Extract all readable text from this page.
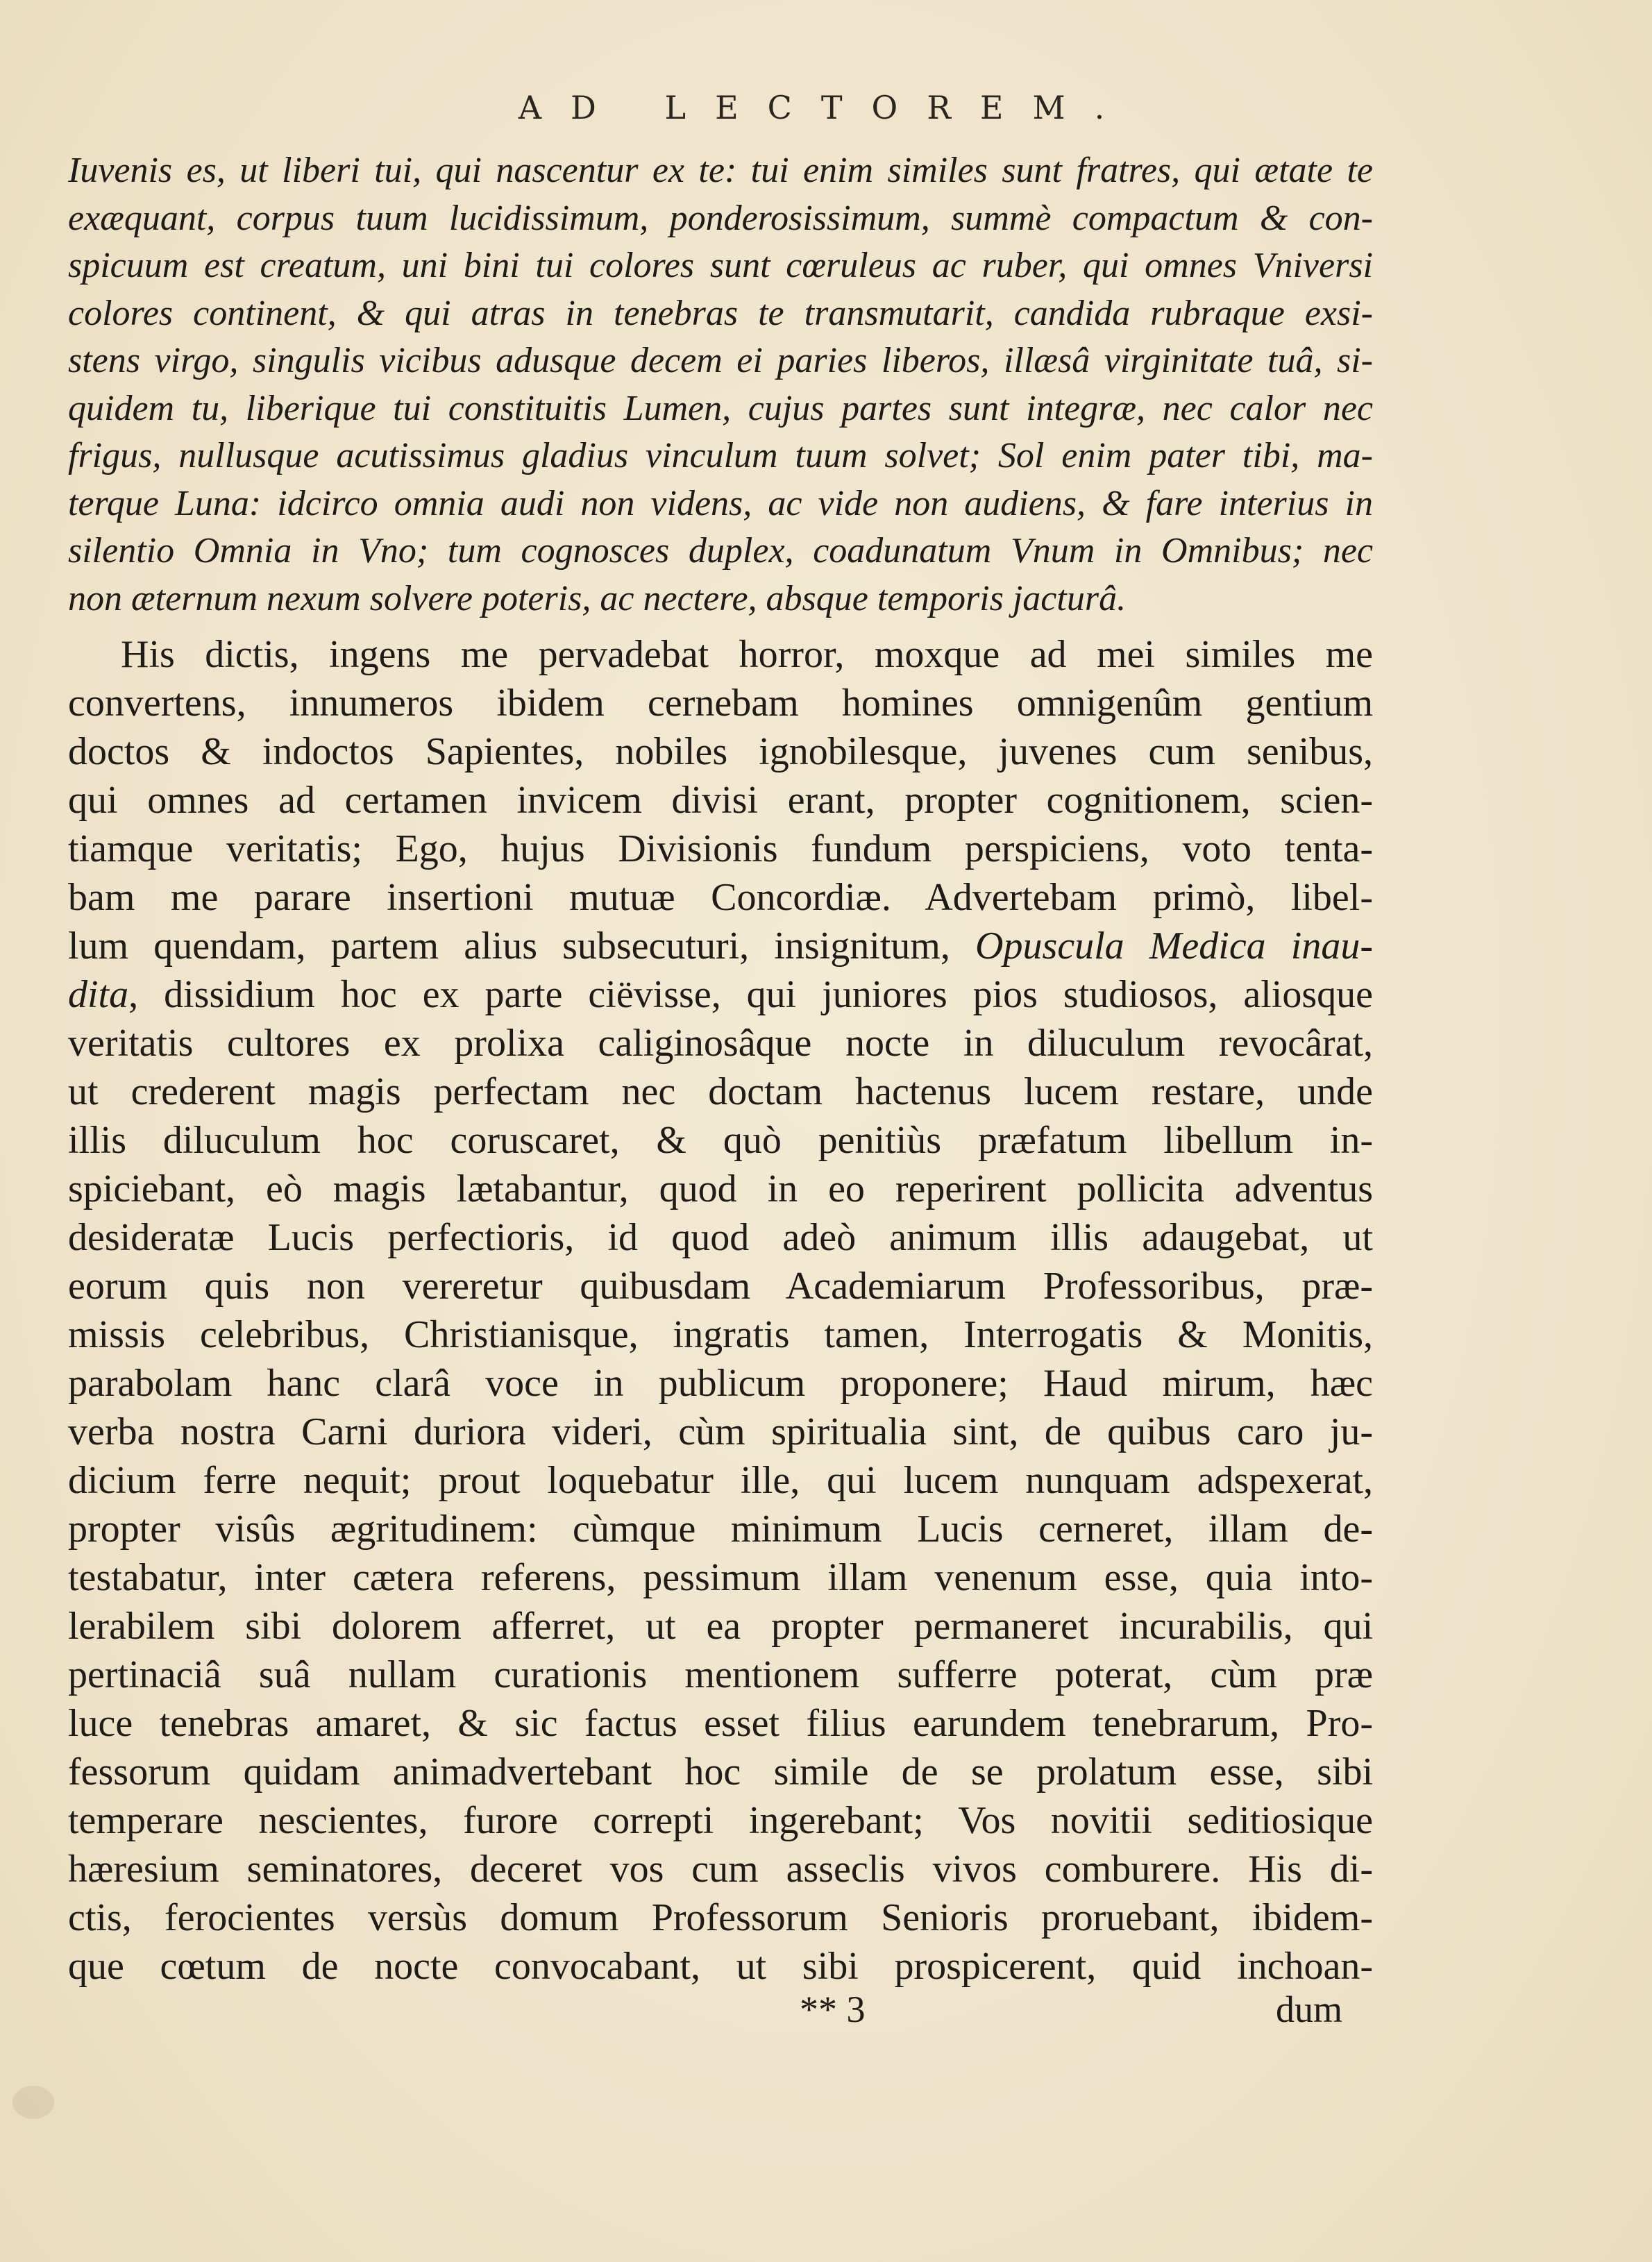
AD LECTOREM.
Iuvenis es, ut liberi tui, qui nascentur ex te: tui enim similes sunt fratres, qui ætate te
exæquant, corpus tuum lucidissimum, ponderosissimum, summè compactum & con-
spicuum est creatum, uni bini tui colores sunt cœruleus ac ruber, qui omnes Vniversi
colores continent, & qui atras in tenebras te transmutarit, candida rubraque exsi-
stens virgo, singulis vicibus adusque decem ei paries liberos, illæsâ virginitate tuâ, si-
quidem tu, liberique tui constituitis Lumen, cujus partes sunt integræ, nec calor nec
frigus, nullusque acutissimus gladius vinculum tuum solvet; Sol enim pater tibi, ma-
terque Luna: idcirco omnia audi non videns, ac vide non audiens, & fare interius in
silentio Omnia in Vno; tum cognosces duplex, coadunatum Vnum in Omnibus; nec
non æternum nexum solvere poteris, ac nectere, absque temporis jacturâ.
His dictis, ingens me pervadebat horror, moxque ad mei similes me
convertens, innumeros ibidem cernebam homines omnigenûm gentium
doctos & indoctos Sapientes, nobiles ignobilesque, juvenes cum senibus,
qui omnes ad certamen invicem divisi erant, propter cognitionem, scien-
tiamque veritatis; Ego, hujus Divisionis fundum perspiciens, voto tenta-
bam me parare insertioni mutuæ Concordiæ. Advertebam primò, libel-
lum quendam, partem alius subsecuturi, insignitum, Opuscula Medica inau-
dita, dissidium hoc ex parte ciëvisse, qui juniores pios studiosos, aliosque
veritatis cultores ex prolixa caliginosâque nocte in diluculum revocârat,
ut crederent magis perfectam nec doctam hactenus lucem restare, unde
illis diluculum hoc coruscaret, & quò penitiùs præfatum libellum in-
spiciebant, eò magis lætabantur, quod in eo reperirent pollicita adventus
desideratæ Lucis perfectioris, id quod adeò animum illis adaugebat, ut
eorum quis non vereretur quibusdam Academiarum Professoribus, præ-
missis celebribus, Christianisque, ingratis tamen, Interrogatis & Monitis,
parabolam hanc clarâ voce in publicum proponere; Haud mirum, hæc
verba nostra Carni duriora videri, cùm spiritualia sint, de quibus caro ju-
dicium ferre nequit; prout loquebatur ille, qui lucem nunquam adspexerat,
propter visûs ægritudinem: cùmque minimum Lucis cerneret, illam de-
testabatur, inter cætera referens, pessimum illam venenum esse, quia into-
lerabilem sibi dolorem afferret, ut ea propter permaneret incurabilis, qui
pertinaciâ suâ nullam curationis mentionem sufferre poterat, cùm præ
luce tenebras amaret, & sic factus esset filius earundem tenebrarum, Pro-
fessorum quidam animadvertebant hoc simile de se prolatum esse, sibi
temperare nescientes, furore correpti ingerebant; Vos novitii seditiosique
hæresium seminatores, deceret vos cum asseclis vivos comburere. His di-
ctis, ferocientes versùs domum Professorum Senioris proruebant, ibidem-
que cœtum de nocte convocabant, ut sibi prospicerent, quid inchoan-
** 3	dum
